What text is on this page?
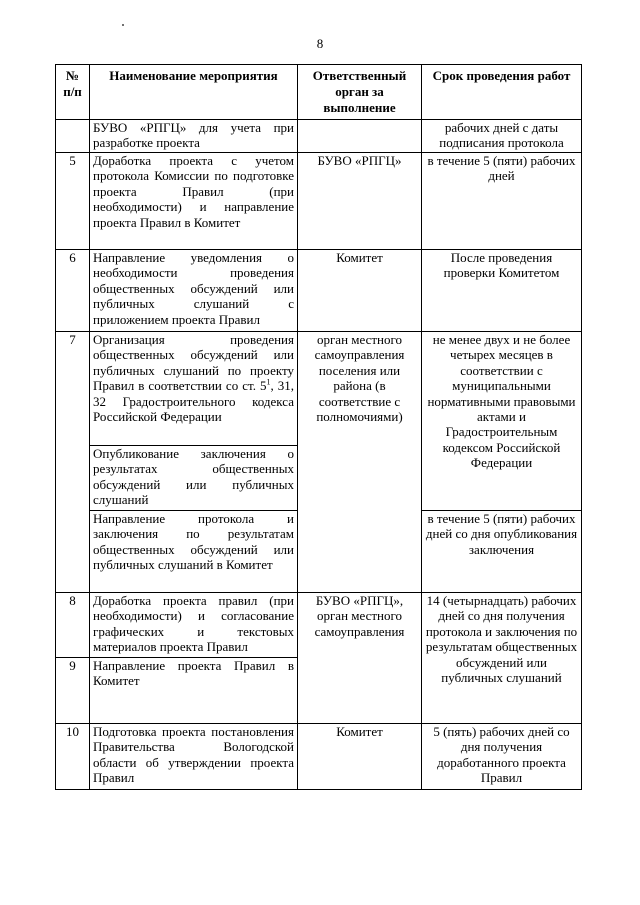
8
№ п/п	Наименование мероприятия	Ответственный орган за выполнение	Срок проведения работ
	БУВО «РПГЦ» для учета при разработке проекта		рабочих дней с даты подписания протокола
5	Доработка проекта с учетом протокола Комиссии по подготовке проекта Правил (при необходимости) и направление проекта Правил в Комитет	БУВО «РПГЦ»	в течение 5 (пяти) рабочих дней
6	Направление уведомления о необходимости проведения общественных обсуждений или публичных слушаний с приложением проекта Правил	Комитет	После проведения проверки Комитетом
7	Организация проведения общественных обсуждений или публичных слушаний по проекту Правил в соответствии со ст. $5^1$, 31, 32 Градостроительного кодекса Российской Федерации	орган местного самоуправления поселения или района (в соответствие с полномочиями)	не менее двух и не более четырех месяцев в соответствии с муниципальными нормативными правовыми актами и Градостроительным кодексом Российской Федерации
	Опубликование заключения о результатах общественных обсуждений или публичных слушаний		
	Направление протокола и заключения по результатам общественных обсуждений или публичных слушаний в Комитет		в течение 5 (пяти) рабочих дней со дня опубликования заключения
8	Доработка проекта правил (при необходимости) и согласование графических и текстовых материалов проекта Правил	БУВО «РПГЦ», орган местного самоуправления	14 (четырнадцать) рабочих дней со дня получения протокола и заключения по результатам общественных обсуждений или публичных слушаний
9	Направление проекта Правил в Комитет		
10	Подготовка проекта постановления Правительства Вологодской области об утверждении проекта Правил	Комитет	5 (пять) рабочих дней со дня получения доработанного проекта Правил
